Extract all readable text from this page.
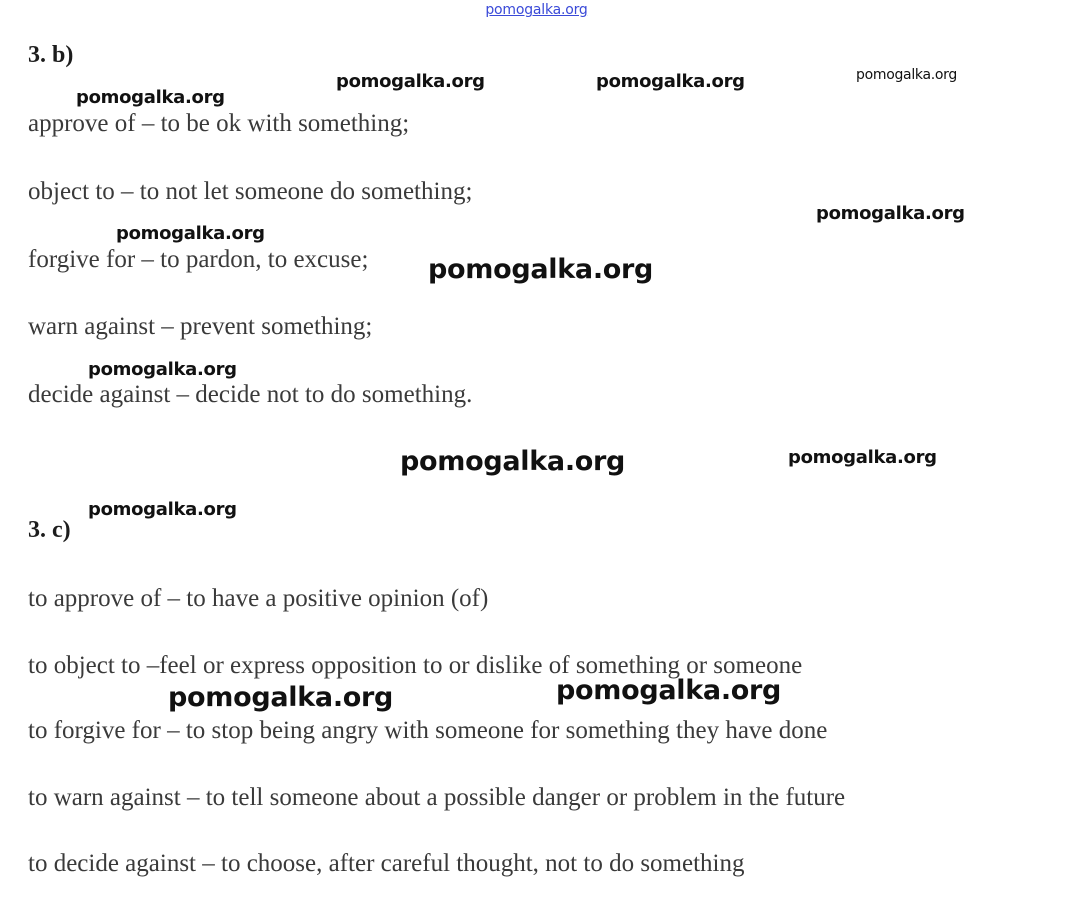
pomogalka.org
3. b)
approve of – to be ok with something;
object to – to not let someone do something;
forgive for – to pardon, to excuse;
warn against – prevent something;
decide against – decide not to do something.
3. c)
to approve of – to have a positive opinion (of)
to object to –feel or express opposition to or dislike of something or someone
to forgive for – to stop being angry with someone for something they have done
to warn against – to tell someone about a possible danger or problem in the future
to decide against – to choose, after careful thought, not to do something
pomogalka.org
pomogalka.org	pomogalka.org	pomogalka.org
pomogalka.org
pomogalka.org
pomogalka.org
pomogalka.org
pomogalka.org	pomogalka.org
pomogalka.org
pomogalka.org	pomogalka.org
